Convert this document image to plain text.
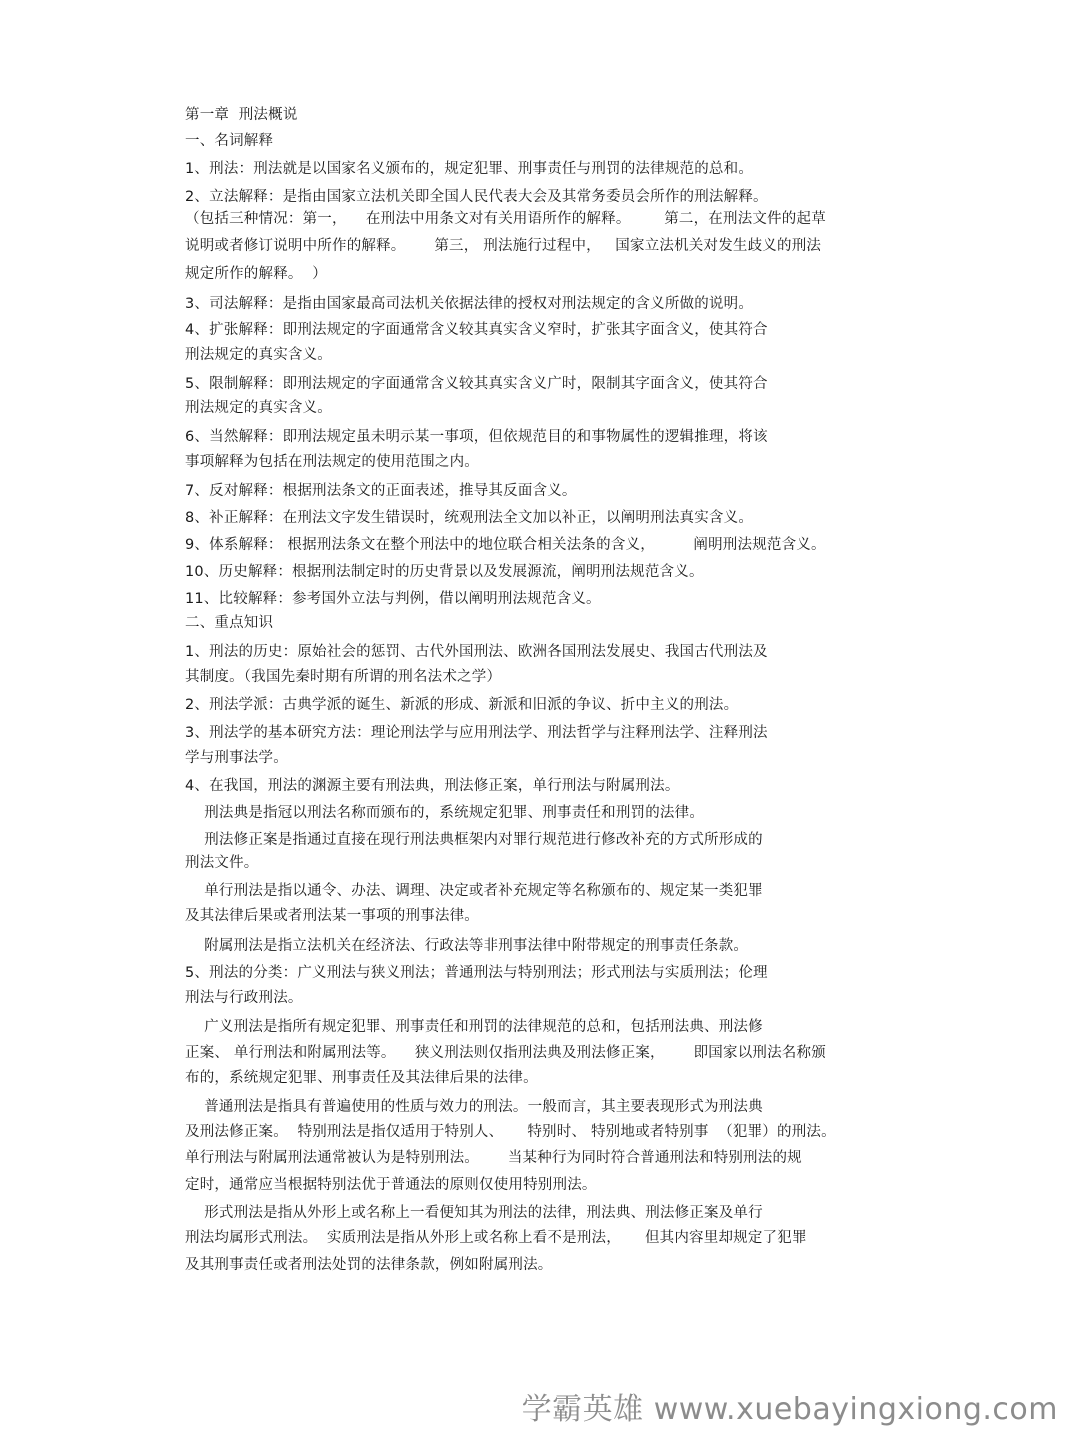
第一章  刑法概说
一、名词解释
1、刑法：刑法就是以国家名义颁布的，规定犯罪、刑事责任与刑罚的法律规范的总和。
2、立法解释：是指由国家立法机关即全国人民代表大会及其常务委员会所作的刑法解释。
（包括三种情况：第一，    在刑法中用条文对有关用语所作的解释。       第二，在刑法文件的起草
说明或者修订说明中所作的解释。      第三， 刑法施行过程中，   国家立法机关对发生歧义的刑法
规定所作的解释。  ）
3、司法解释：是指由国家最高司法机关依据法律的授权对刑法规定的含义所做的说明。
4、扩张解释：即刑法规定的字面通常含义较其真实含义窄时，扩张其字面含义，使其符合
刑法规定的真实含义。
5、限制解释：即刑法规定的字面通常含义较其真实含义广时，限制其字面含义，使其符合
刑法规定的真实含义。
6、当然解释：即刑法规定虽未明示某一事项，但依规范目的和事物属性的逻辑推理，将该
事项解释为包括在刑法规定的使用范围之内。
7、反对解释：根据刑法条文的正面表述，推导其反面含义。
8、补正解释：在刑法文字发生错误时，统观刑法全文加以补正，以阐明刑法真实含义。
9、体系解释： 根据刑法条文在整个刑法中的地位联合相关法条的含义，        阐明刑法规范含义。
10、历史解释：根据刑法制定时的历史背景以及发展源流，阐明刑法规范含义。
11、比较解释：参考国外立法与判例，借以阐明刑法规范含义。
二、重点知识
1、刑法的历史：原始社会的惩罚、古代外国刑法、欧洲各国刑法发展史、我国古代刑法及
其制度。（我国先秦时期有所谓的刑名法术之学）
2、刑法学派：古典学派的诞生、新派的形成、新派和旧派的争议、折中主义的刑法。
3、刑法学的基本研究方法：理论刑法学与应用刑法学、刑法哲学与注释刑法学、注释刑法
学与刑事法学。
4、在我国，刑法的渊源主要有刑法典，刑法修正案，单行刑法与附属刑法。
刑法典是指冠以刑法名称而颁布的，系统规定犯罪、刑事责任和刑罚的法律。
刑法修正案是指通过直接在现行刑法典框架内对罪行规范进行修改补充的方式所形成的
刑法文件。
单行刑法是指以通令、办法、调理、决定或者补充规定等名称颁布的、规定某一类犯罪
及其法律后果或者刑法某一事项的刑事法律。
附属刑法是指立法机关在经济法、行政法等非刑事法律中附带规定的刑事责任条款。
5、刑法的分类：广义刑法与狭义刑法；普通刑法与特别刑法；形式刑法与实质刑法；伦理
刑法与行政刑法。
广义刑法是指所有规定犯罪、刑事责任和刑罚的法律规范的总和，包括刑法典、刑法修
正案、 单行刑法和附属刑法等。    狭义刑法则仅指刑法典及刑法修正案，      即国家以刑法名称颁
布的，系统规定犯罪、刑事责任及其法律后果的法律。
普通刑法是指具有普遍使用的性质与效力的刑法。一般而言，其主要表现形式为刑法典
及刑法修正案。  特别刑法是指仅适用于特别人、     特别时、 特别地或者特别事  （犯罪）的刑法。
单行刑法与附属刑法通常被认为是特别刑法。      当某种行为同时符合普通刑法和特别刑法的规
定时，通常应当根据特别法优于普通法的原则仅使用特别刑法。
形式刑法是指从外形上或名称上一看便知其为刑法的法律，刑法典、刑法修正案及单行
刑法均属形式刑法。  实质刑法是指从外形上或名称上看不是刑法，     但其内容里却规定了犯罪
及其刑事责任或者刑法处罚的法律条款，例如附属刑法。
学霸英雄 www.xuebayingxiong.com
